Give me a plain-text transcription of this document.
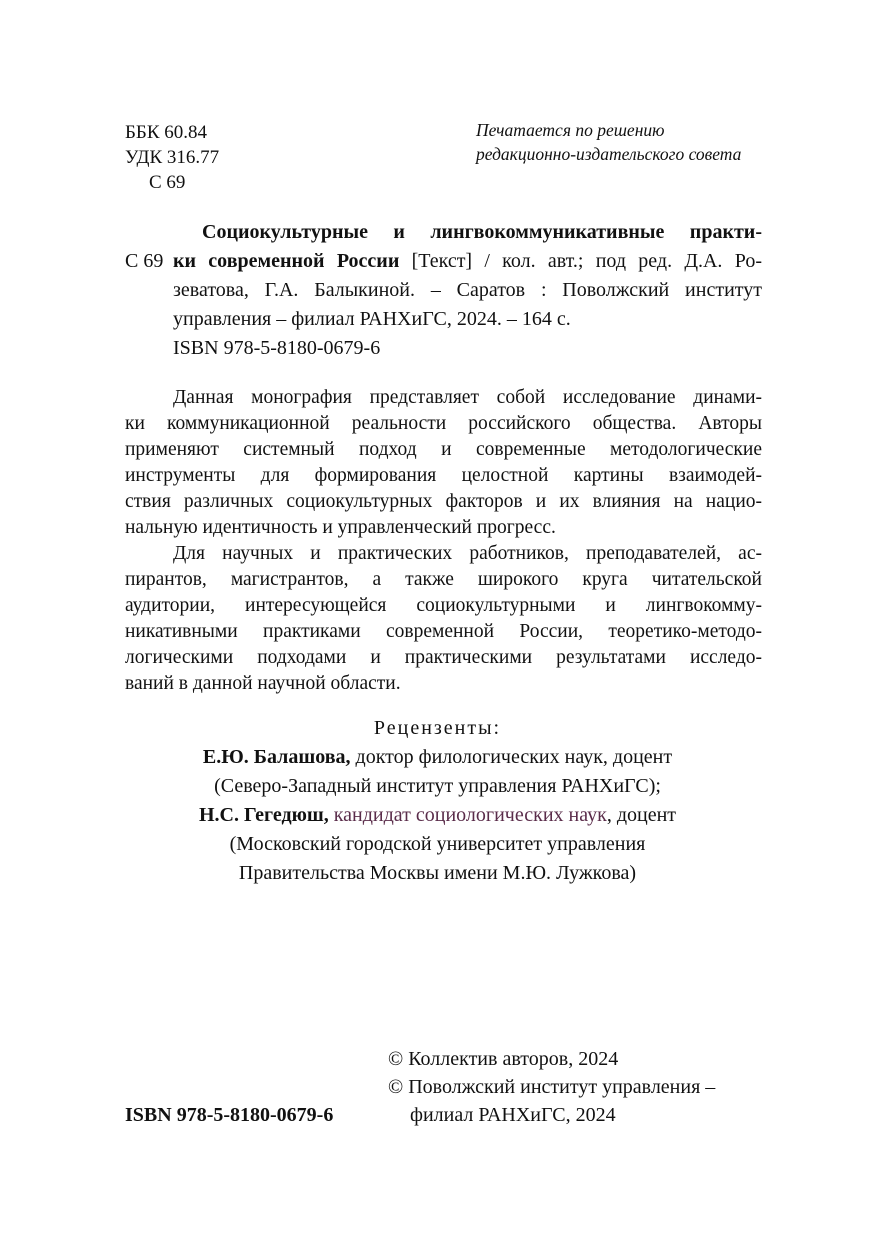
ББК 60.84
УДК 316.77
С 69
Печатается по решению
редакционно-издательского совета
С 69
Социокультурные и лингвокоммуникативные практи-
ки современной России [Текст] / кол. авт.; под ред. Д.А. Ро-
зеватова, Г.А. Балыкиной. – Саратов : Поволжский институт
управления – филиал РАНХиГС, 2024. – 164 с.
ISBN 978-5-8180-0679-6
Данная монография представляет собой исследование динами-
ки коммуникационной реальности российского общества. Авторы
применяют системный подход и современные методологические
инструменты для формирования целостной картины взаимодей-
ствия различных социокультурных факторов и их влияния на нацио-
нальную идентичность и управленческий прогресс.
Для научных и практических работников, преподавателей, ас-
пирантов, магистрантов, а также широкого круга читательской
аудитории, интересующейся социокультурными и лингвокомму-
никативными практиками современной России, теоретико-методо-
логическими подходами и практическими результатами исследо-
ваний в данной научной области.
Рецензенты:
Е.Ю. Балашова, доктор филологических наук, доцент
(Северо-Западный институт управления РАНХиГС);
Н.С. Гегедюш, кандидат социологических наук, доцент
(Московский городской университет управления
Правительства Москвы имени М.Ю. Лужкова)
ISBN 978-5-8180-0679-6
© Коллектив авторов, 2024
© Поволжский институт управления –
филиал РАНХиГС, 2024
